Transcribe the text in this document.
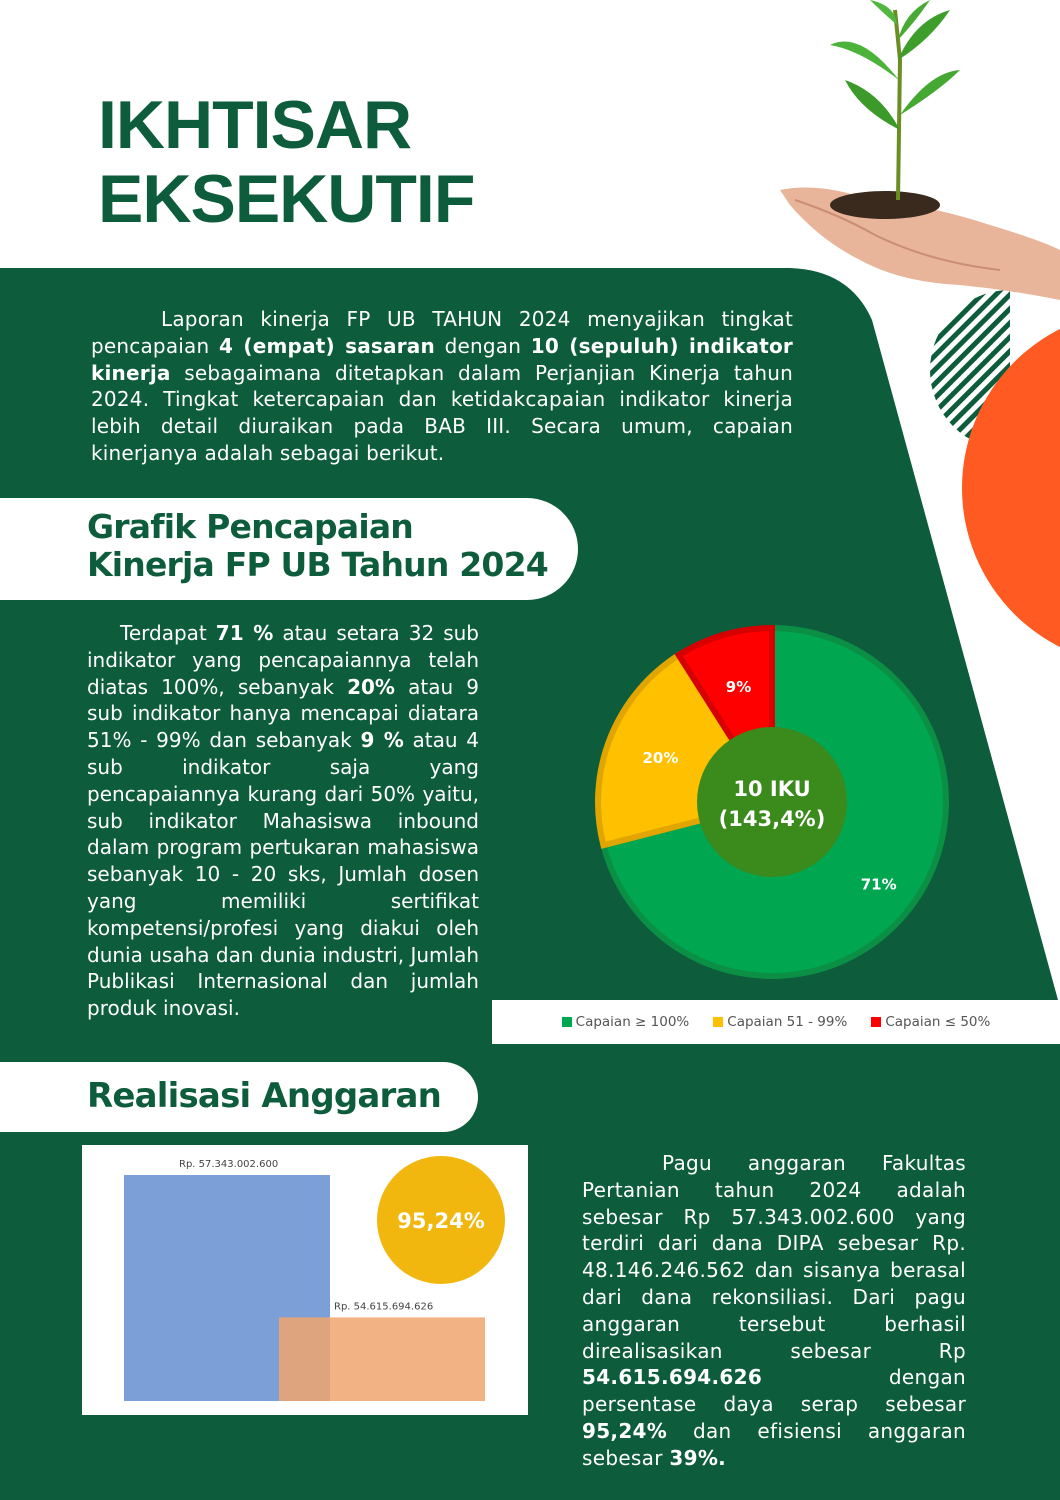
IKHTISAR
EKSEKUTIF

Laporan kinerja FP UB TAHUN 2024 menyajikan tingkat pencapaian 4 (empat) sasaran dengan 10 (sepuluh) indikator kinerja sebagaimana ditetapkan dalam Perjanjian Kinerja tahun 2024. Tingkat ketercapaian dan ketidakcapaian indikator kinerja lebih detail diuraikan pada BAB III. Secara umum, capaian kinerjanya adalah sebagai berikut.

Grafik Pencapaian
Kinerja FP UB Tahun 2024

Terdapat 71 % atau setara 32 sub indikator yang pencapaiannya telah diatas 100%, sebanyak 20% atau 9 sub indikator hanya mencapai diatara 51% - 99% dan sebanyak 9 % atau 4 sub indikator saja yang pencapaiannya kurang dari 50% yaitu, sub indikator Mahasiswa inbound dalam program pertukaran mahasiswa sebanyak 10 - 20 sks, Jumlah dosen yang memiliki sertifikat kompetensi/profesi yang diakui oleh dunia usaha dan dunia industri, Jumlah Publikasi Internasional dan jumlah produk inovasi.

71%
20%
9%
10 IKU
(143,4%)
Capaian ≥ 100%	Capaian 51 - 99%	Capaian ≤ 50%
Realisasi Anggaran
Rp. 57.343.002.600
Rp. 54.615.694.626
95,24%

Pagu anggaran Fakultas Pertanian tahun 2024 adalah sebesar Rp 57.343.002.600 yang terdiri dari dana DIPA sebesar Rp. 48.146.246.562 dan sisanya berasal dari dana rekonsiliasi. Dari pagu anggaran tersebut berhasil direalisasikan sebesar Rp 54.615.694.626 dengan persentase daya serap sebesar 95,24% dan efisiensi anggaran sebesar 39%.
